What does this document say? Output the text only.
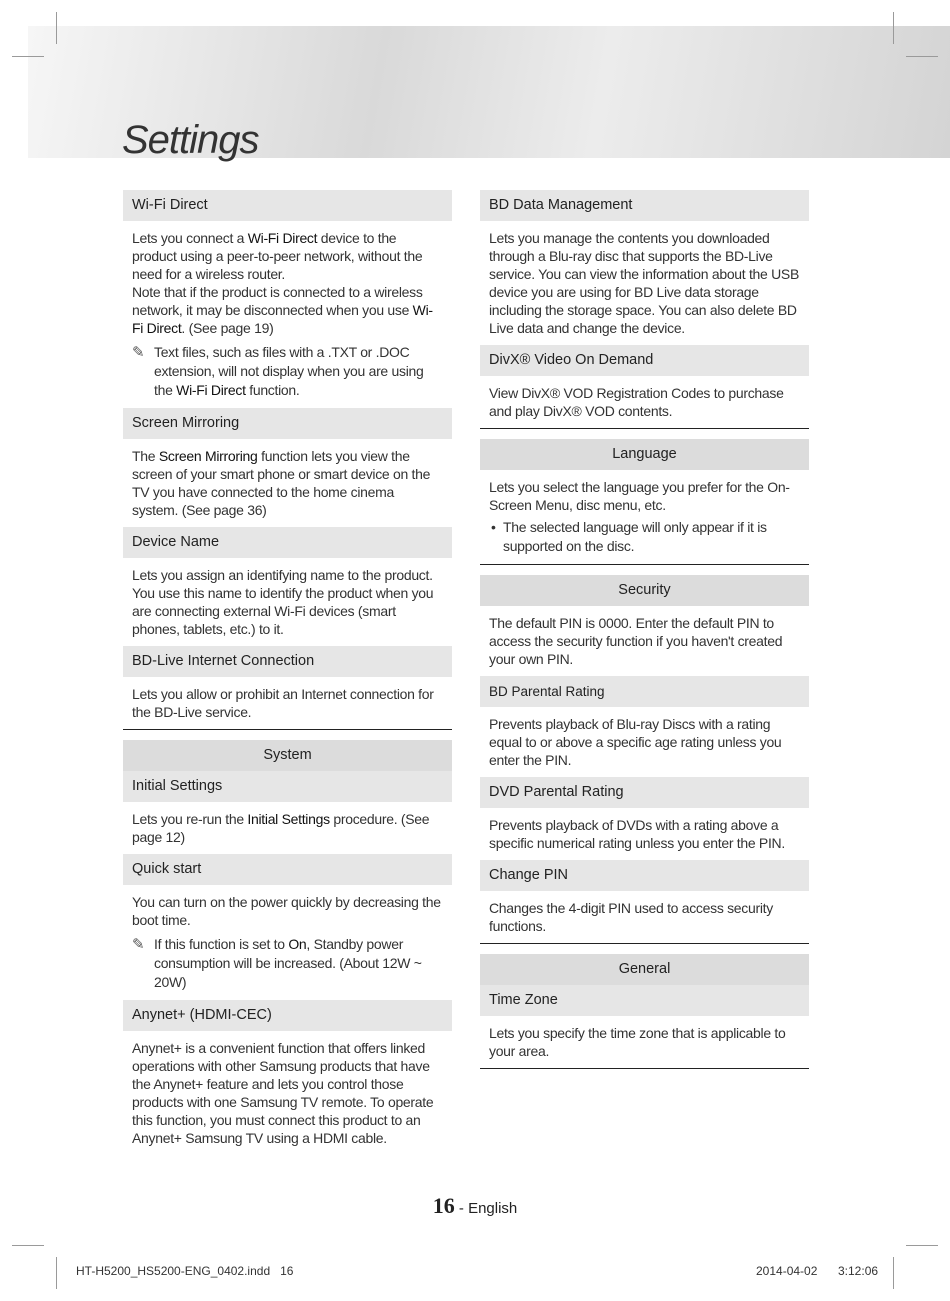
Settings
Wi-Fi Direct
Lets you connect a Wi-Fi Direct device to the product using a peer-to-peer network, without the need for a wireless router.
Note that if the product is connected to a wireless network, it may be disconnected when you use Wi-Fi Direct. (See page 19)
✎ Text files, such as files with a .TXT or .DOC extension, will not display when you are using the Wi-Fi Direct function.
Screen Mirroring
The Screen Mirroring function lets you view the screen of your smart phone or smart device on the TV you have connected to the home cinema system. (See page 36)
Device Name
Lets you assign an identifying name to the product. You use this name to identify the product when you are connecting external Wi-Fi devices (smart phones, tablets, etc.) to it.
BD-Live Internet Connection
Lets you allow or prohibit an Internet connection for the BD-Live service.
System
Initial Settings
Lets you re-run the Initial Settings procedure. (See page 12)
Quick start
You can turn on the power quickly by decreasing the boot time.
✎ If this function is set to On, Standby power consumption will be increased. (About 12W ~ 20W)
Anynet+ (HDMI-CEC)
Anynet+ is a convenient function that offers linked operations with other Samsung products that have the Anynet+ feature and lets you control those products with one Samsung TV remote. To operate this function, you must connect this product to an Anynet+ Samsung TV using a HDMI cable.
BD Data Management
Lets you manage the contents you downloaded through a Blu-ray disc that supports the BD-Live service. You can view the information about the USB device you are using for BD Live data storage including the storage space. You can also delete BD Live data and change the device.
DivX® Video On Demand
View DivX® VOD Registration Codes to purchase and play DivX® VOD contents.
Language
Lets you select the language you prefer for the On-Screen Menu, disc menu, etc.
• The selected language will only appear if it is supported on the disc.
Security
The default PIN is 0000. Enter the default PIN to access the security function if you haven't created your own PIN.
BD Parental Rating
Prevents playback of Blu-ray Discs with a rating equal to or above a specific age rating unless you enter the PIN.
DVD Parental Rating
Prevents playback of DVDs with a rating above a specific numerical rating unless you enter the PIN.
Change PIN
Changes the 4-digit PIN used to access security functions.
General
Time Zone
Lets you specify the time zone that is applicable to your area.
16 - English
HT-H5200_HS5200-ENG_0402.indd   16	2014-04-02 3:12:06
